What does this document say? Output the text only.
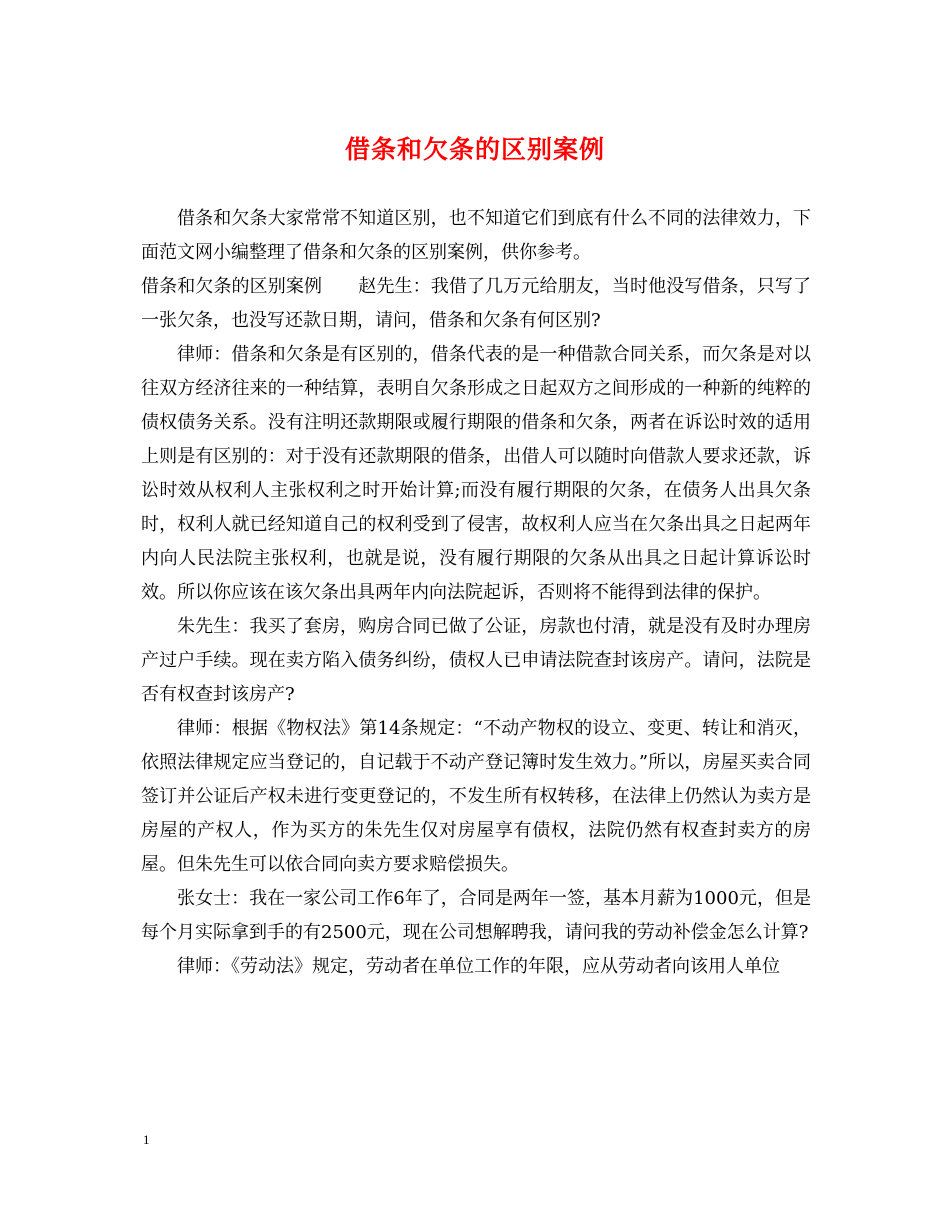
借条和欠条的区别案例

借条和欠条大家常常不知道区别，也不知道它们到底有什么不同的法律效力，下面范文网小编整理了借条和欠条的区别案例，供你参考。

借条和欠条的区别案例　　赵先生：我借了几万元给朋友，当时他没写借条，只写了一张欠条，也没写还款日期，请问，借条和欠条有何区别?

律师：借条和欠条是有区别的，借条代表的是一种借款合同关系，而欠条是对以往双方经济往来的一种结算，表明自欠条形成之日起双方之间形成的一种新的纯粹的债权债务关系。没有注明还款期限或履行期限的借条和欠条，两者在诉讼时效的适用上则是有区别的：对于没有还款期限的借条，出借人可以随时向借款人要求还款，诉讼时效从权利人主张权利之时开始计算;而没有履行期限的欠条，在债务人出具欠条时，权利人就已经知道自己的权利受到了侵害，故权利人应当在欠条出具之日起两年内向人民法院主张权利，也就是说，没有履行期限的欠条从出具之日起计算诉讼时效。所以你应该在该欠条出具两年内向法院起诉，否则将不能得到法律的保护。

朱先生：我买了套房，购房合同已做了公证，房款也付清，就是没有及时办理房产过户手续。现在卖方陷入债务纠纷，债权人已申请法院查封该房产。请问，法院是否有权查封该房产?

律师：根据《物权法》第14条规定：“不动产物权的设立、变更、转让和消灭，依照法律规定应当登记的，自记载于不动产登记簿时发生效力。”所以，房屋买卖合同签订并公证后产权未进行变更登记的，不发生所有权转移，在法律上仍然认为卖方是房屋的产权人，作为买方的朱先生仅对房屋享有债权，法院仍然有权查封卖方的房屋。但朱先生可以依合同向卖方要求赔偿损失。

张女士：我在一家公司工作6年了，合同是两年一签，基本月薪为1000元，但是每个月实际拿到手的有2500元，现在公司想解聘我，请问我的劳动补偿金怎么计算?

律师：《劳动法》规定，劳动者在单位工作的年限，应从劳动者向该用人单位

1
